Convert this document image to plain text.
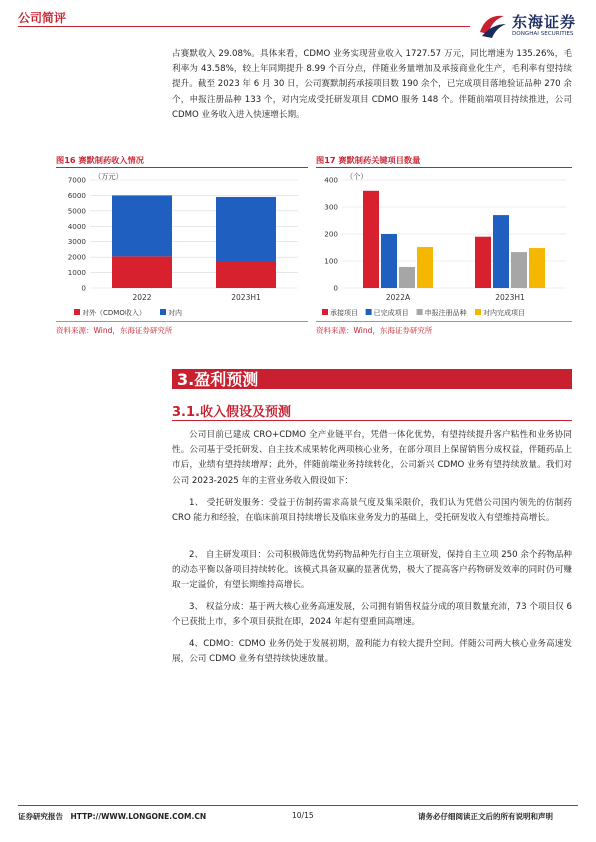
公司简评	东海证券
DONGHAI SECURITIES
占赛默收入 29.08%。具体来看，CDMO 业务实现营业收入 1727.57 万元，同比增速为 135.26%，毛利率为 43.58%，较上年同期提升 8.99 个百分点，伴随业务量增加及承接商业化生产，毛利率有望持续提升。截至 2023 年 6 月 30 日，公司赛默制药承接项目数 190 余个，已完成项目落地验证品种 270 余个，申报注册品种 133 个，对内完成受托研发项目 CDMO 服务 148 个。伴随前端项目持续推进，公司 CDMO 业务收入进入快速增长期。
图16 赛默制药收入情况
（万元）
0
1000
2000
3000
4000
5000
6000
7000
2022	2023H1
对外（CDMO收入）	对内
资料来源：Wind，东海证券研究所
图17 赛默制药关键项目数量
（个）
0
100
200
300
400
2022A	2023H1
承接项目 已完成项目 申报注册品种 对内完成项目
资料来源：Wind，东海证券研究所
3.盈利预测
3.1.收入假设及预测
公司目前已建成 CRO+CDMO 全产业链平台，凭借一体化优势，有望持续提升客户粘性和业务协同性。公司基于受托研发、自主技术成果转化两项核心业务，在部分项目上保留销售分成权益，伴随药品上市后，业绩有望持续增厚；此外，伴随前端业务持续转化，公司新兴 CDMO 业务有望持续放量。我们对公司 2023-2025 年的主营业务收入假设如下：
1、 受托研发服务：受益于仿制药需求高景气度及集采限价，我们认为凭借公司国内领先的仿制药 CRO 能力和经验，在临床前项目持续增长及临床业务发力的基础上，受托研发收入有望维持高增长。
2、 自主研发项目：公司积极筛选优势药物品种先行自主立项研发，保持自主立项 250 余个药物品种的动态平衡以备项目持续转化。该模式具备双赢的显著优势，极大了提高客户药物研发效率的同时仍可赚取一定溢价，有望长期维持高增长。
3、 权益分成：基于两大核心业务高速发展，公司拥有销售权益分成的项目数量充沛，73 个项目仅 6 个已获批上市，多个项目获批在即，2024 年起有望重回高增速。
4、CDMO：CDMO 业务仍处于发展初期，盈利能力有较大提升空间。伴随公司两大核心业务高速发展，公司 CDMO 业务有望持续快速放量。
证券研究报告　HTTP://WWW.LONGONE.COM.CN	10/15	请务必仔细阅读正文后的所有说明和声明
